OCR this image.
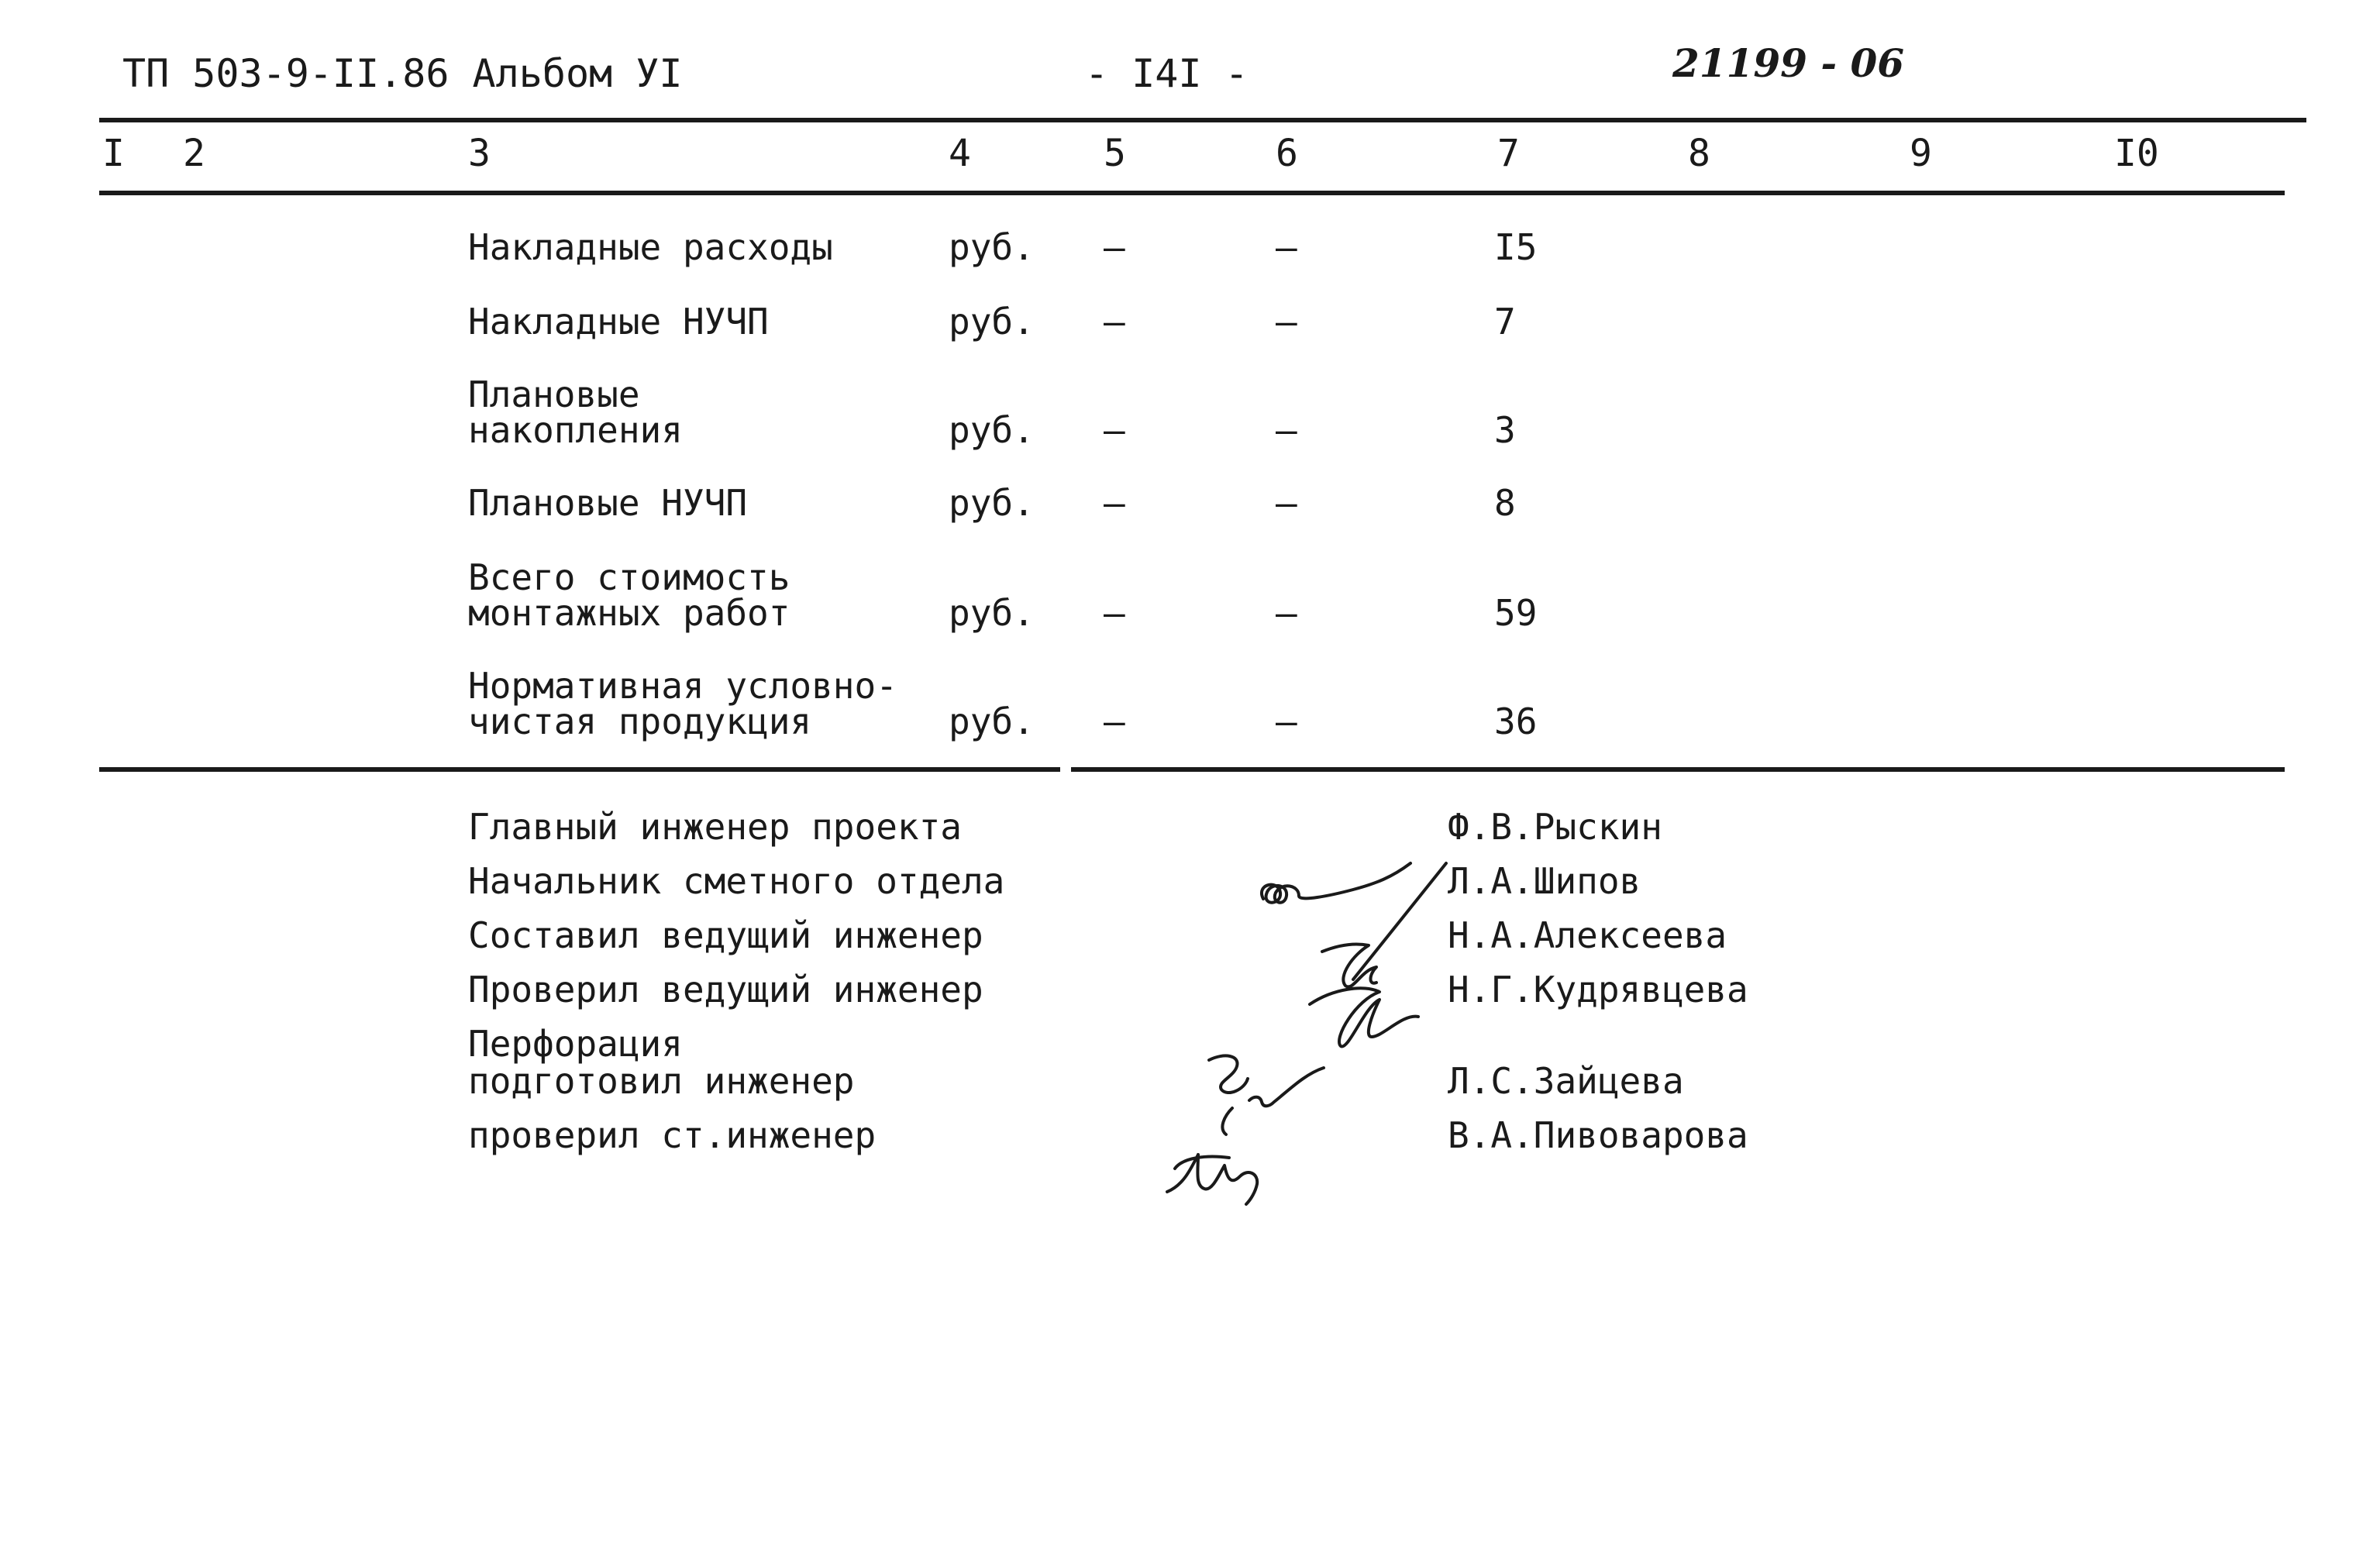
ТП 503-9-II.86 Альбом УI	- I4I -	21199 - 06
I 2	3	4	5	6	7	8	9	I0
Накладные расходы	руб. –	–	I5
Накладные НУЧП	руб. –	–	7
Плановые
накопления	руб. –	–	3
Плановые НУЧП	руб. –	–	8
Всего стоимость
монтажных работ	руб. –	–	59
Нормативная условно-
чистая продукция	руб. –	–	36
Главный инженер проекта	Ф.В.Рыскин
Начальник сметного отдела	Л.А.Шипов
Составил ведущий инженер	Н.А.Алексеева
Проверил ведущий инженер	Н.Г.Кудрявцева
Перфорация
подготовил инженер	Л.С.Зайцева
проверил ст.инженер	В.А.Пивоварова
